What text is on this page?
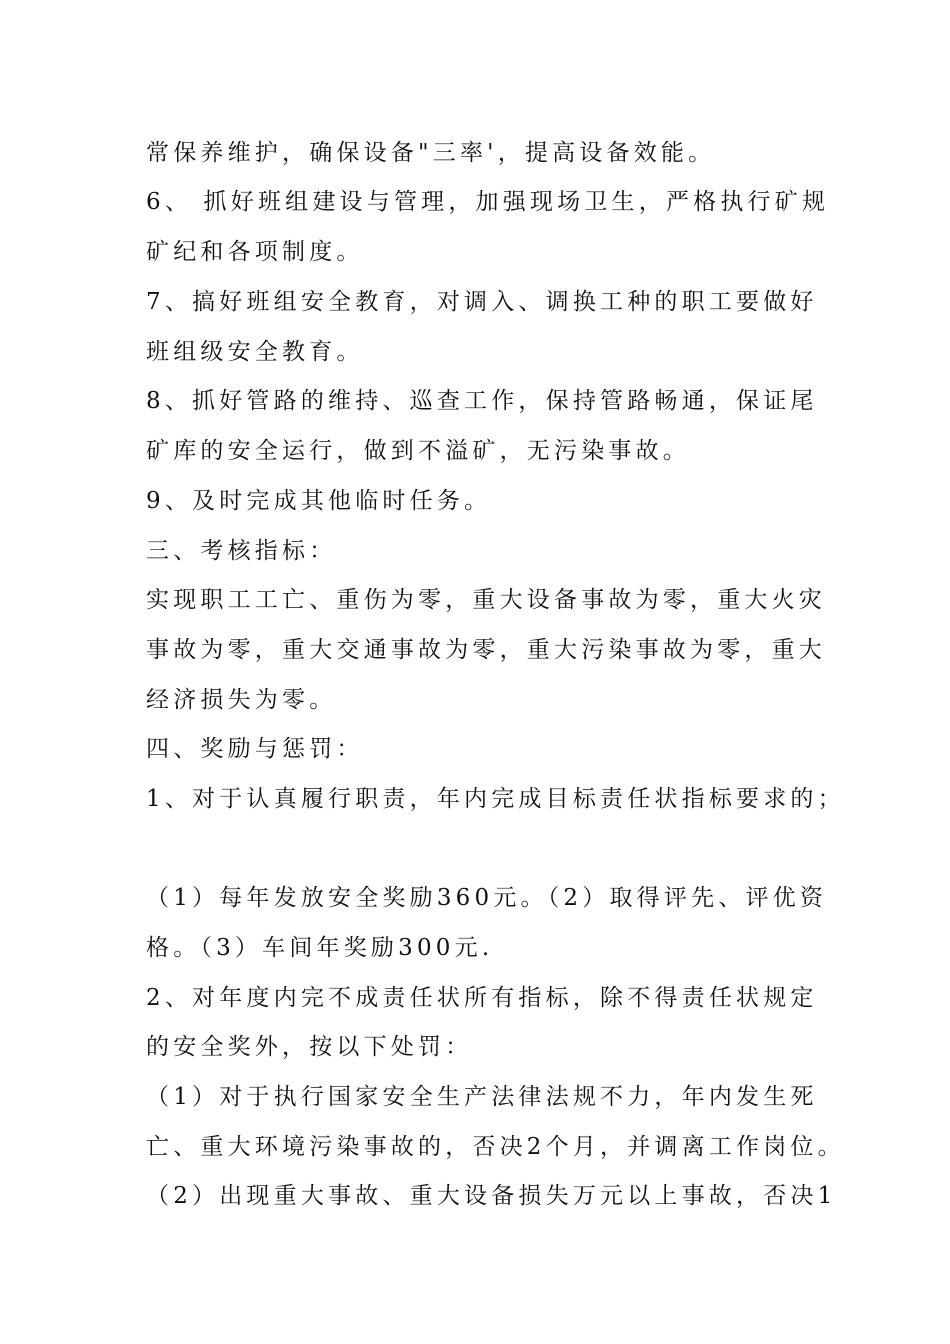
常保养维护，确保设备"三率'，提高设备效能。
6、 抓好班组建设与管理，加强现场卫生，严格执行矿规
矿纪和各项制度。
7、搞好班组安全教育，对调入、调换工种的职工要做好
班组级安全教育。
8、抓好管路的维持、巡查工作，保持管路畅通，保证尾
矿库的安全运行，做到不溢矿，无污染事故。
9、及时完成其他临时任务。
三、考核指标：
实现职工工亡、重伤为零，重大设备事故为零，重大火灾
事故为零，重大交通事故为零，重大污染事故为零，重大
经济损失为零。
四、奖励与惩罚：
1、对于认真履行职责，年内完成目标责任状指标要求的；
（1）每年发放安全奖励360元。（2）取得评先、评优资
格。（3）车间年奖励300元.
2、对年度内完不成责任状所有指标，除不得责任状规定
的安全奖外，按以下处罚：
（1）对于执行国家安全生产法律法规不力，年内发生死
亡、重大环境污染事故的，否决2个月，并调离工作岗位。
（2）出现重大事故、重大设备损失万元以上事故，否决1
